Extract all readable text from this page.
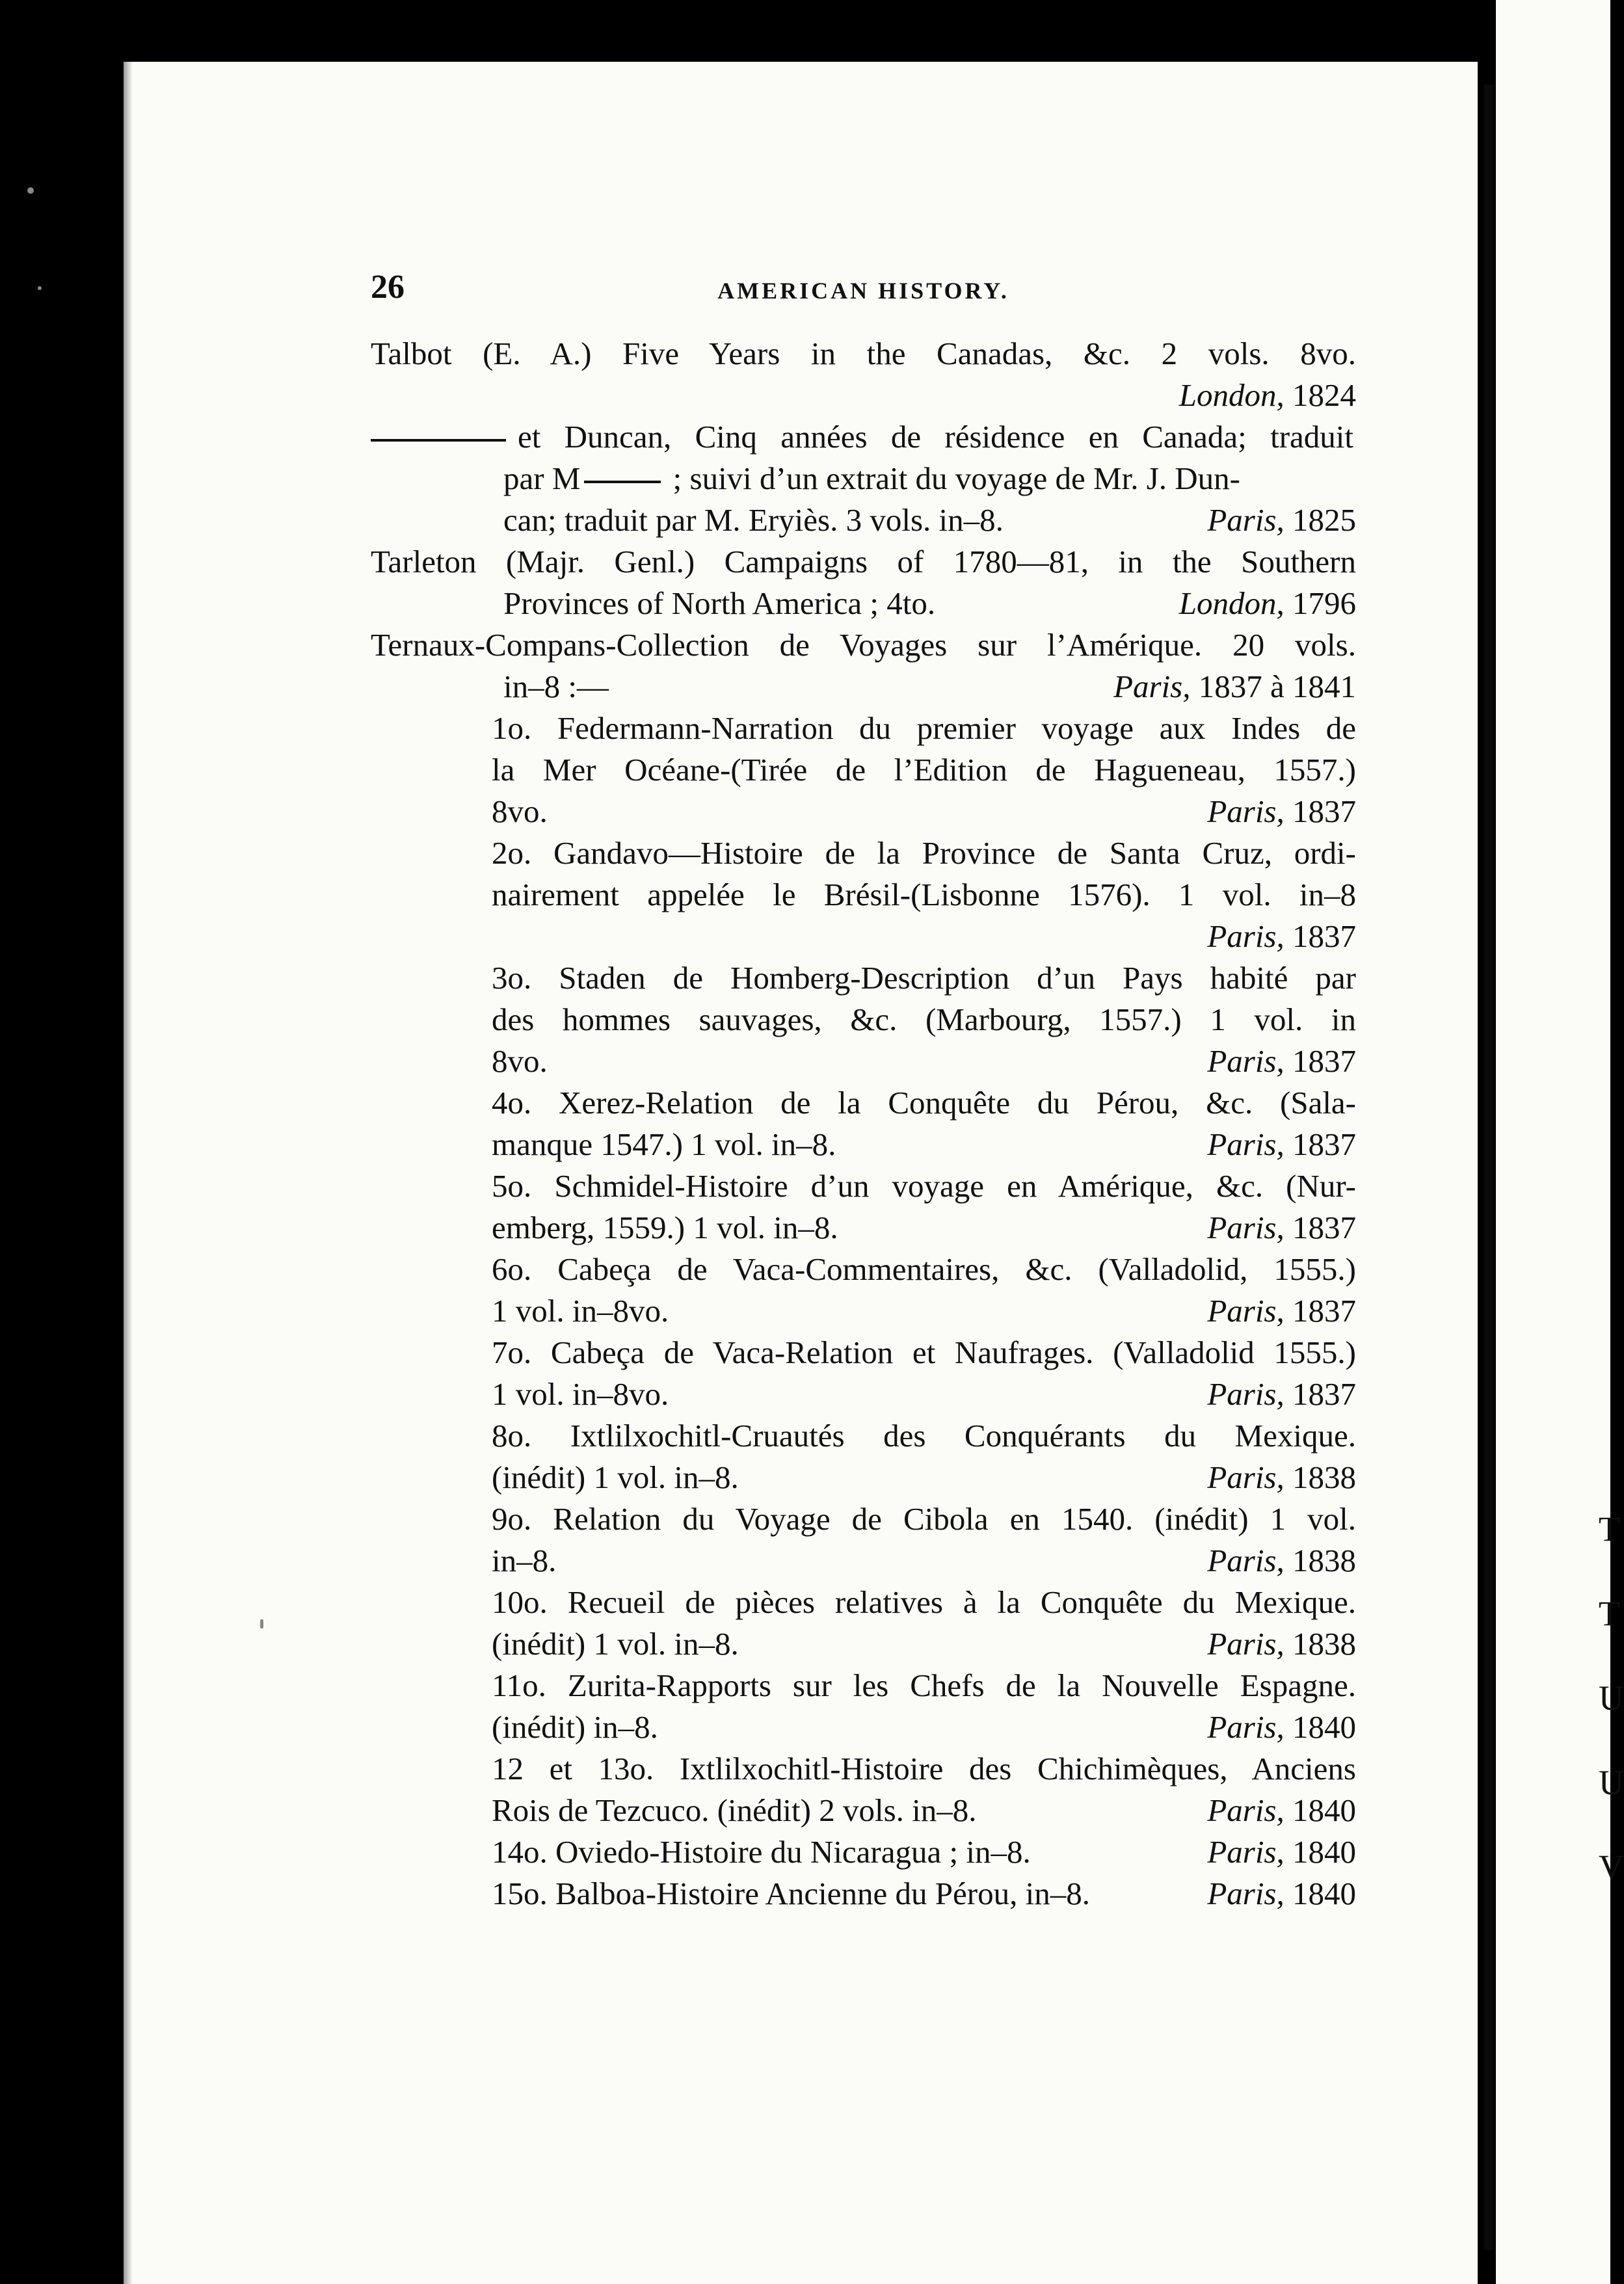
T
T
U
U
V
26	AMERICAN HISTORY.
Talbot (E. A.) Five Years in the Canadas, &c. 2 vols. 8vo.
London, 1824
et Duncan, Cinq années de résidence en Canada; traduit
par M	; suivi d’un extrait du voyage de Mr. J. Dun-
can; traduit par M. Eryiès. 3 vols. in–8.	Paris, 1825
Tarleton (Majr. Genl.) Campaigns of 1780—81, in the Southern
Provinces of North America ; 4to.	London, 1796
Ternaux-Compans-Collection de Voyages sur l’Amérique. 20 vols.
in–8 :—	Paris, 1837 à 1841
1o. Federmann-Narration du premier voyage aux Indes de
la Mer Océane-(Tirée de l’Edition de Hagueneau, 1557.)
8vo.	Paris, 1837
2o. Gandavo—Histoire de la Province de Santa Cruz, ordi-
nairement appelée le Brésil-(Lisbonne 1576). 1 vol. in–8
Paris, 1837
3o. Staden de Homberg-Description d’un Pays habité par
des hommes sauvages, &c. (Marbourg, 1557.) 1 vol. in
8vo.	Paris, 1837
4o. Xerez-Relation de la Conquête du Pérou, &c. (Sala-
manque 1547.) 1 vol. in–8.	Paris, 1837
5o. Schmidel-Histoire d’un voyage en Amérique, &c. (Nur-
emberg, 1559.) 1 vol. in–8.	Paris, 1837
6o. Cabeça de Vaca-Commentaires, &c. (Valladolid, 1555.)
1 vol. in–8vo.	Paris, 1837
7o. Cabeça de Vaca-Relation et Naufrages. (Valladolid 1555.)
1 vol. in–8vo.	Paris, 1837
8o. Ixtlilxochitl-Cruautés des Conquérants du Mexique.
(inédit) 1 vol. in–8.	Paris, 1838
9o. Relation du Voyage de Cibola en 1540. (inédit) 1 vol.
in–8.	Paris, 1838
10o. Recueil de pièces relatives à la Conquête du Mexique.
(inédit) 1 vol. in–8.	Paris, 1838
11o. Zurita-Rapports sur les Chefs de la Nouvelle Espagne.
(inédit) in–8.	Paris, 1840
12 et 13o. Ixtlilxochitl-Histoire des Chichimèques, Anciens
Rois de Tezcuco. (inédit) 2 vols. in–8.	Paris, 1840
14o. Oviedo-Histoire du Nicaragua ; in–8.	Paris, 1840
15o. Balboa-Histoire Ancienne du Pérou, in–8.	Paris, 1840
